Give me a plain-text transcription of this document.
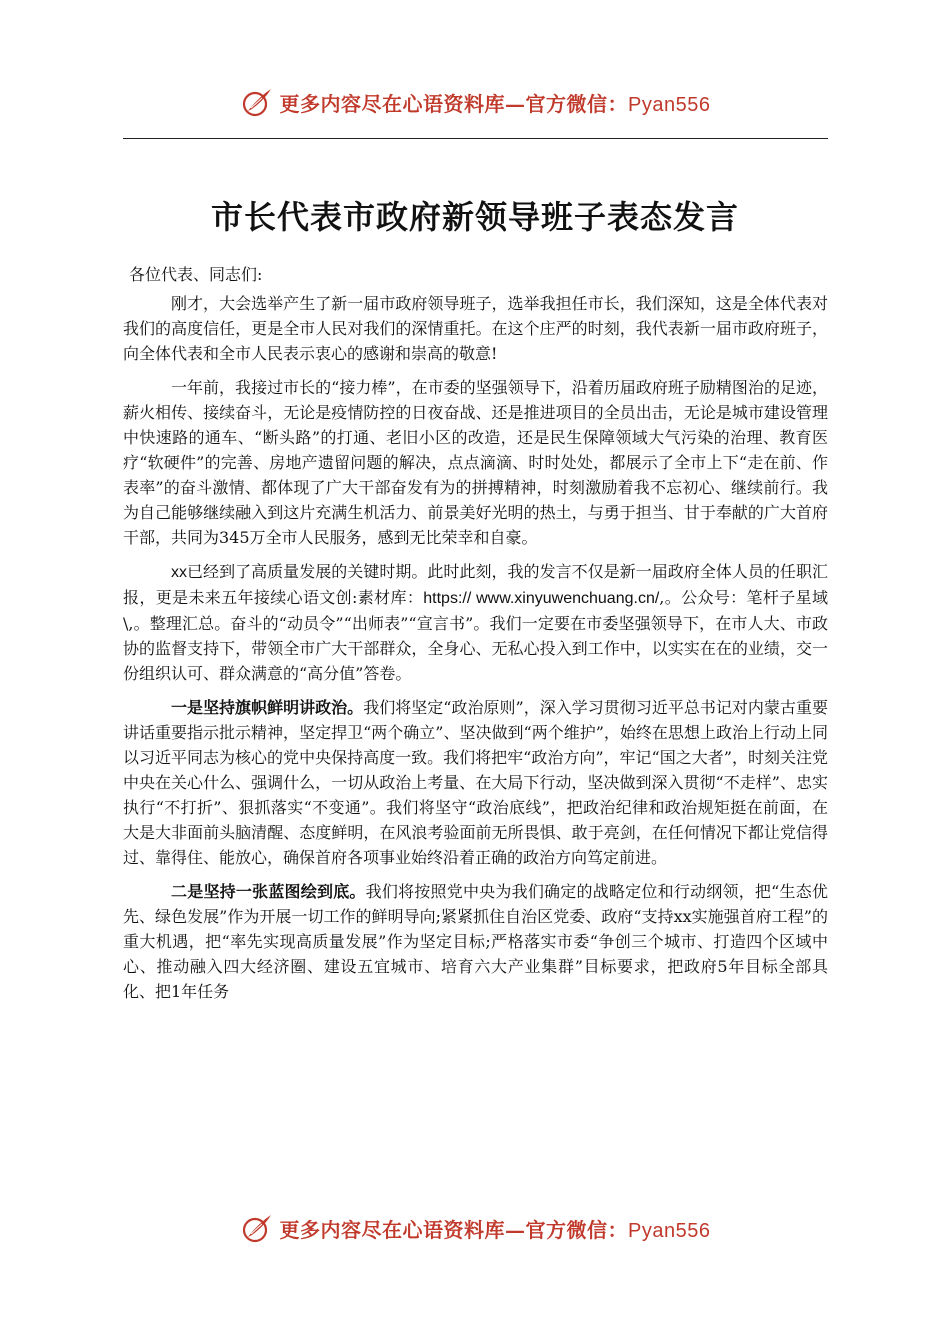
更多内容尽在心语资料库—官方微信：Pyan556
市长代表市政府新领导班子表态发言

各位代表、同志们:

刚才，大会选举产生了新一届市政府领导班子，选举我担任市长，我们深知，这是全体代表对我们的高度信任，更是全市人民对我们的深情重托。在这个庄严的时刻，我代表新一届市政府班子，向全体代表和全市人民表示衷心的感谢和崇高的敬意!

一年前，我接过市长的“接力棒”，在市委的坚强领导下，沿着历届政府班子励精图治的足迹，薪火相传、接续奋斗，无论是疫情防控的日夜奋战、还是推进项目的全员出击，无论是城市建设管理中快速路的通车、“断头路”的打通、老旧小区的改造，还是民生保障领域大气污染的治理、教育医疗“软硬件”的完善、房地产遗留问题的解决，点点滴滴、时时处处，都展示了全市上下“走在前、作表率”的奋斗激情、都体现了广大干部奋发有为的拼搏精神，时刻激励着我不忘初心、继续前行。我为自己能够继续融入到这片充满生机活力、前景美好光明的热土，与勇于担当、甘于奉献的广大首府干部，共同为345万全市人民服务，感到无比荣幸和自豪。

xx已经到了高质量发展的关键时期。此时此刻，我的发言不仅是新一届政府全体人员的任职汇报，更是未来五年接续心语文创:素材库：https:// www.xinyuwenchuang.cn/,。公众号：笔杆子星域\,。整理汇总。奋斗的“动员令”“出师表”“宣言书”。我们一定要在市委坚强领导下，在市人大、市政协的监督支持下，带领全市广大干部群众，全身心、无私心投入到工作中，以实实在在的业绩，交一份组织认可、群众满意的“高分值”答卷。

一是坚持旗帜鲜明讲政治。我们将坚定“政治原则”，深入学习贯彻习近平总书记对内蒙古重要讲话重要指示批示精神，坚定捍卫“两个确立”、坚决做到“两个维护”，始终在思想上政治上行动上同以习近平同志为核心的党中央保持高度一致。我们将把牢“政治方向”，牢记“国之大者”，时刻关注党中央在关心什么、强调什么，一切从政治上考量、在大局下行动，坚决做到深入贯彻“不走样”、忠实执行“不打折”、狠抓落实“不变通”。我们将坚守“政治底线”，把政治纪律和政治规矩挺在前面，在大是大非面前头脑清醒、态度鲜明，在风浪考验面前无所畏惧、敢于亮剑，在任何情况下都让党信得过、靠得住、能放心，确保首府各项事业始终沿着正确的政治方向笃定前进。

二是坚持一张蓝图绘到底。我们将按照党中央为我们确定的战略定位和行动纲领，把“生态优先、绿色发展”作为开展一切工作的鲜明导向;紧紧抓住自治区党委、政府“支持xx实施强首府工程”的重大机遇，把“率先实现高质量发展”作为坚定目标;严格落实市委“争创三个城市、打造四个区域中心、推动融入四大经济圈、建设五宜城市、培育六大产业集群”目标要求，把政府5年目标全部具化、把1年任务

更多内容尽在心语资料库—官方微信：Pyan556
